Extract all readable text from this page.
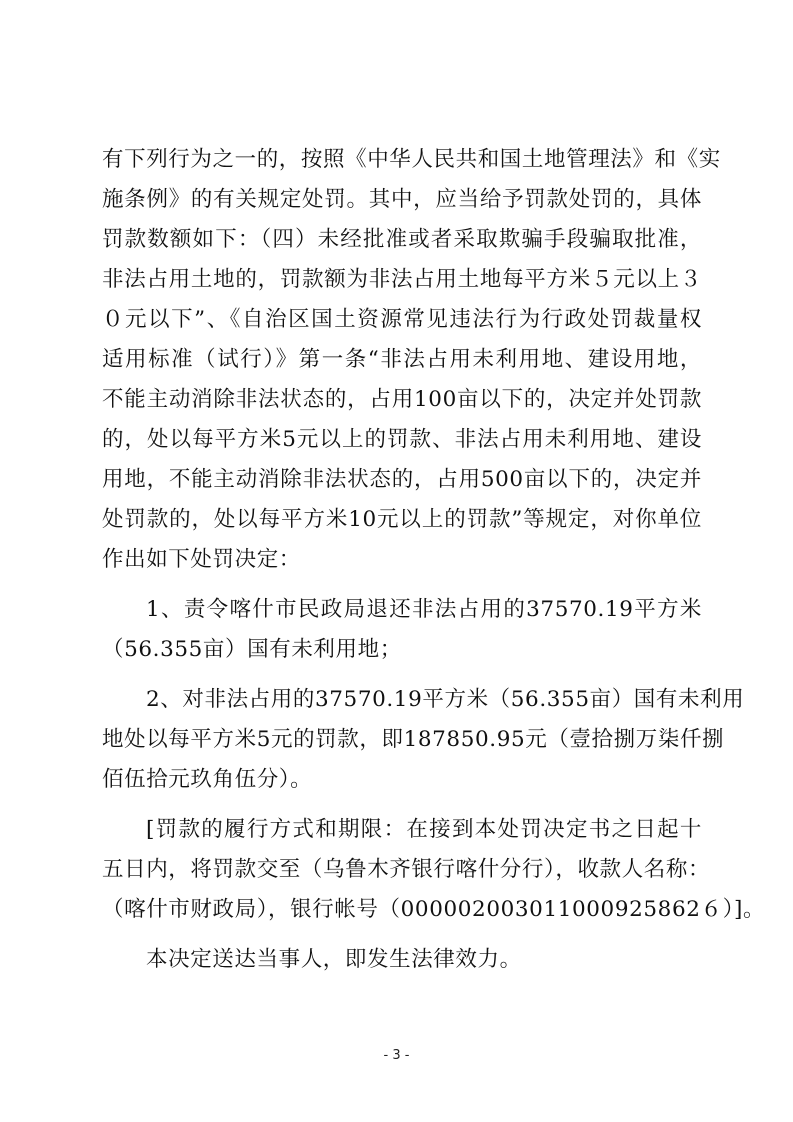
有下列行为之一的，按照《中华人民共和国土地管理法》和《实
施条例》的有关规定处罚。其中，应当给予罚款处罚的，具体
罚款数额如下：（四）未经批准或者采取欺骗手段骗取批准，
非法占用土地的，罚款额为非法占用土地每平方米５元以上３
０元以下”、《自治区国土资源常见违法行为行政处罚裁量权
适用标准（试行）》第一条“非法占用未利用地、建设用地，
不能主动消除非法状态的，占用100亩以下的，决定并处罚款
的，处以每平方米5元以上的罚款、非法占用未利用地、建设
用地，不能主动消除非法状态的，占用500亩以下的，决定并
处罚款的，处以每平方米10元以上的罚款”等规定，对你单位
作出如下处罚决定：
1、责令喀什市民政局退还非法占用的37570.19平方米
（56.355亩）国有未利用地；
2、对非法占用的37570.19平方米（56.355亩）国有未利用
地处以每平方米5元的罚款，即187850.95元（壹拾捌万柒仟捌
佰伍拾元玖角伍分）。
[罚款的履行方式和期限：在接到本处罚决定书之日起十
五日内，将罚款交至（乌鲁木齐银行喀什分行），收款人名称：
（喀什市财政局），银行帐号（000002003011000925862６）]。
本决定送达当事人，即发生法律效力。
- 3 -
